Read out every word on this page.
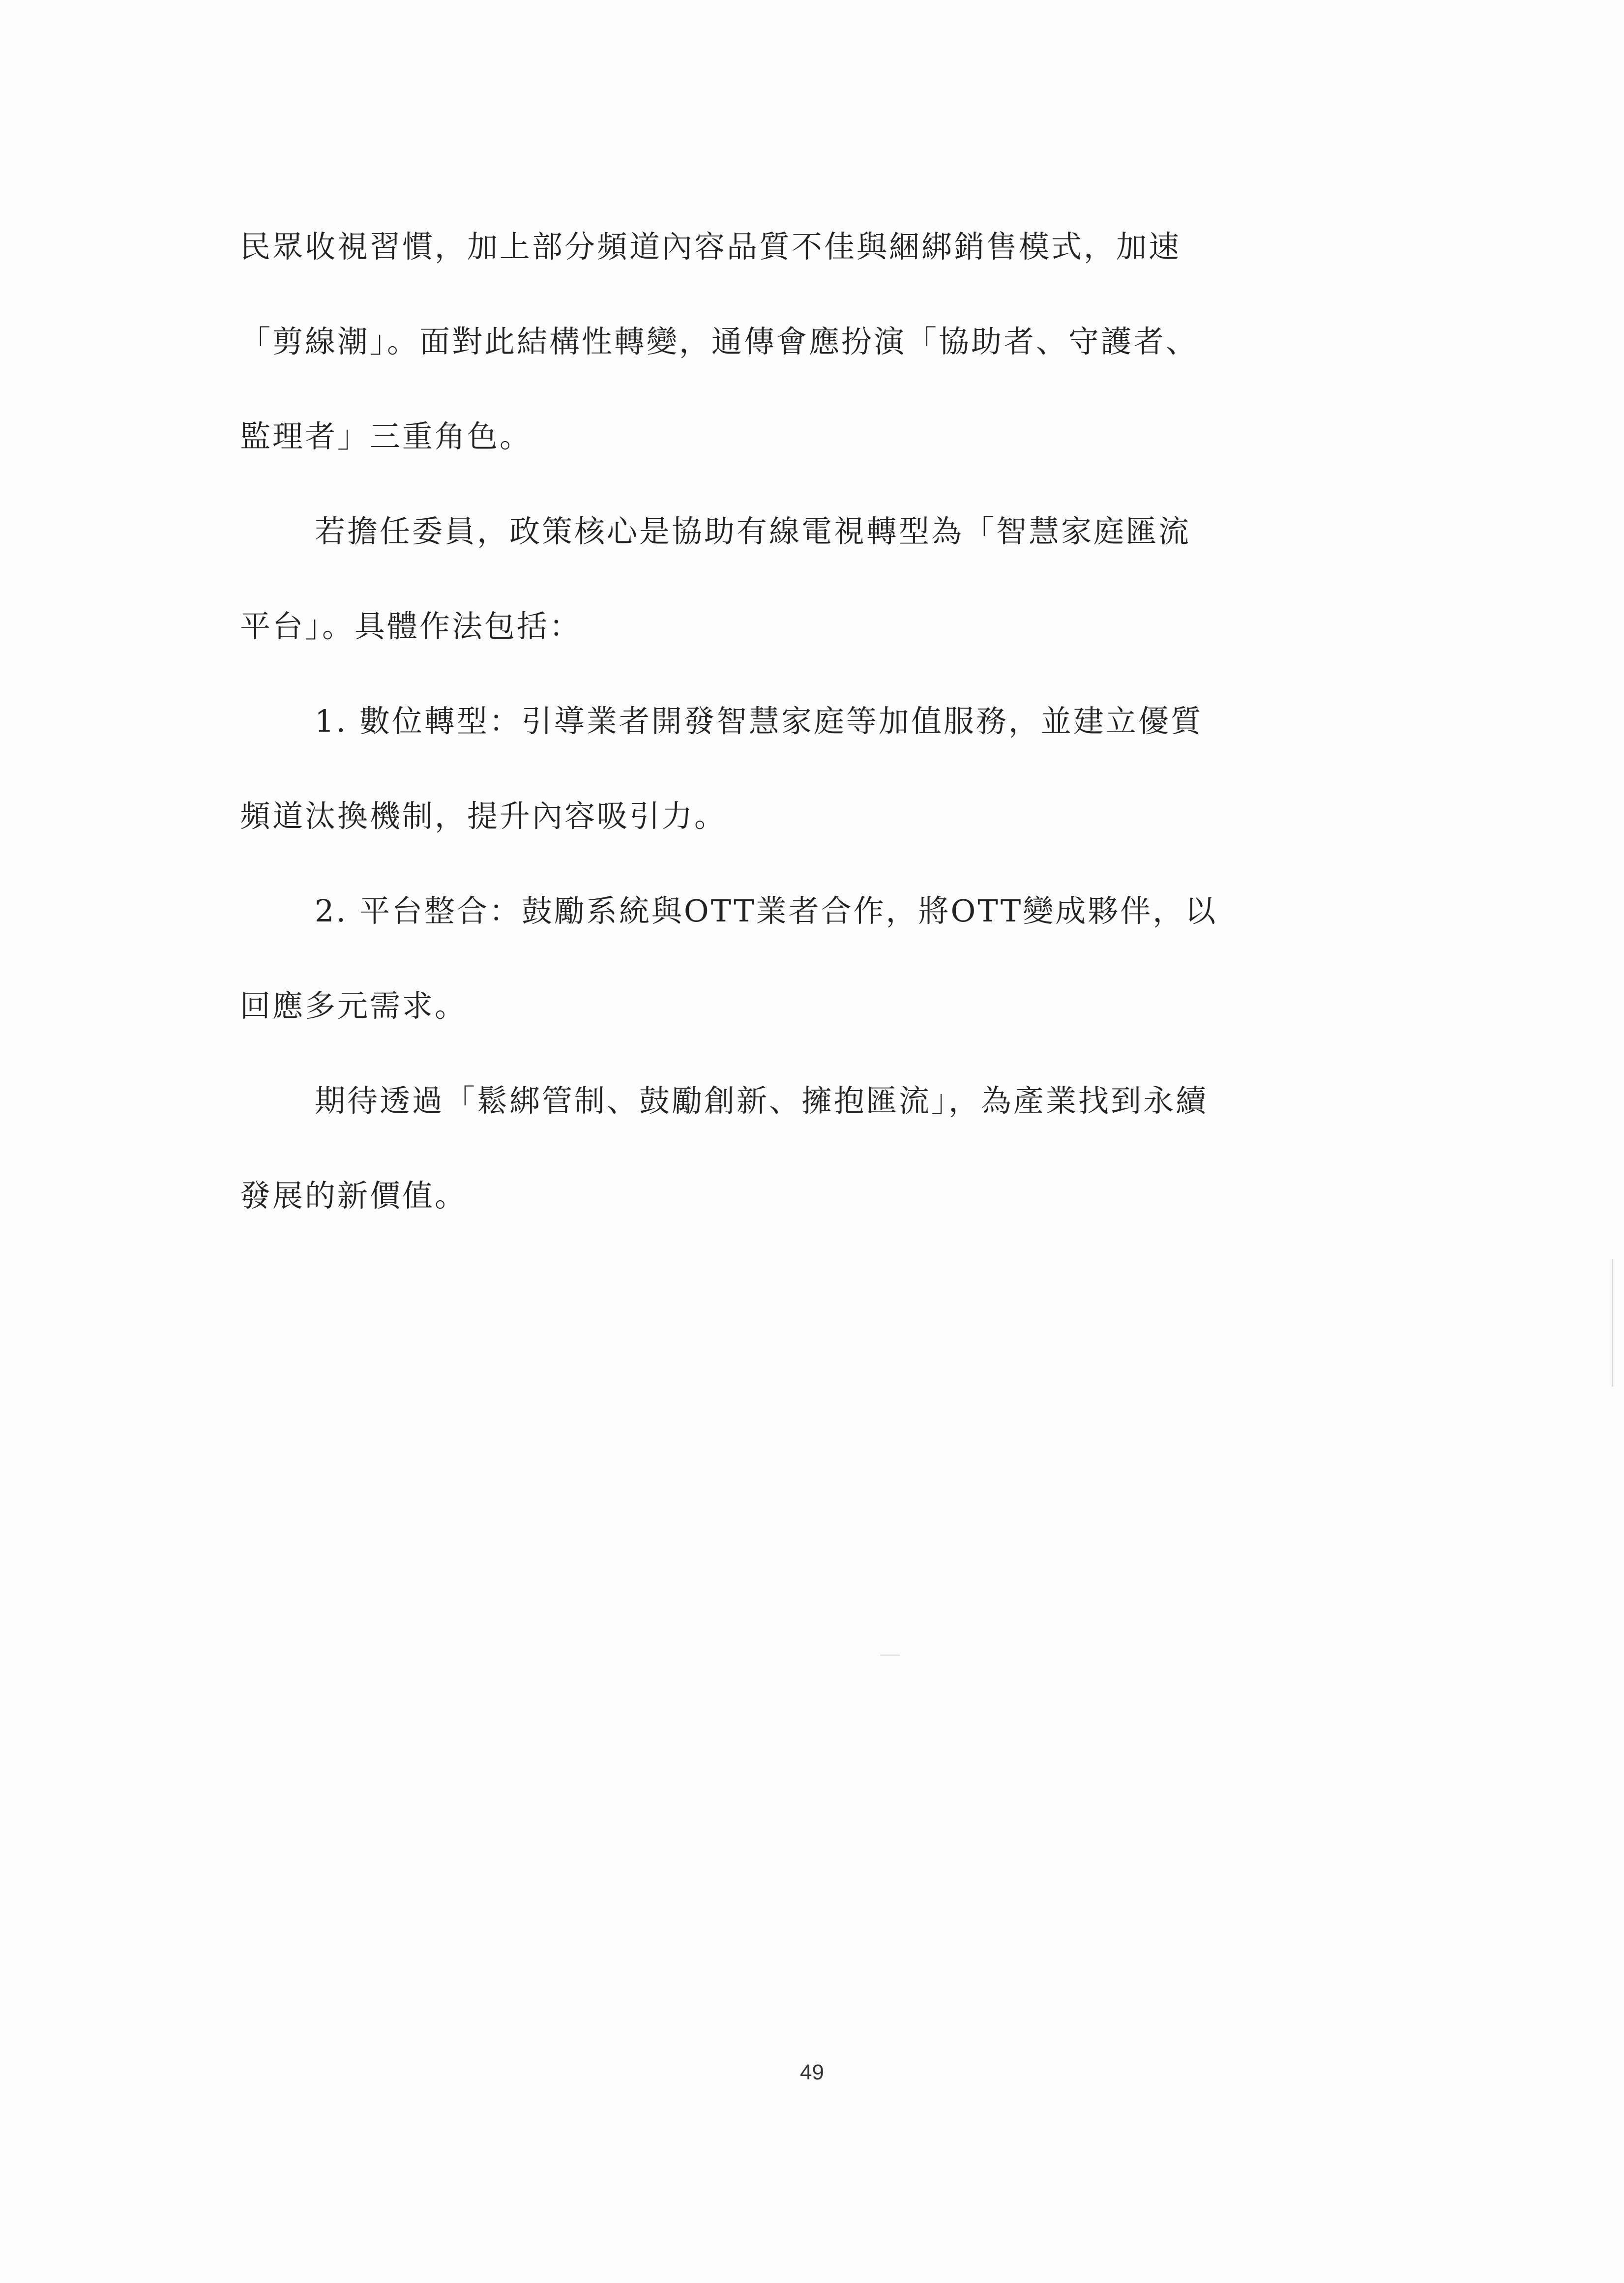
民眾收視習慣，加上部分頻道內容品質不佳與綑綁銷售模式，加速

「剪線潮」。面對此結構性轉變，通傳會應扮演「協助者、守護者、

監理者」三重角色。

若擔任委員，政策核心是協助有線電視轉型為「智慧家庭匯流

平台」。具體作法包括：

1. 數位轉型：引導業者開發智慧家庭等加值服務，並建立優質

頻道汰換機制，提升內容吸引力。

2. 平台整合：鼓勵系統與OTT業者合作，將OTT變成夥伴，以

回應多元需求。

期待透過「鬆綁管制、鼓勵創新、擁抱匯流」，為產業找到永續

發展的新價值。

49
